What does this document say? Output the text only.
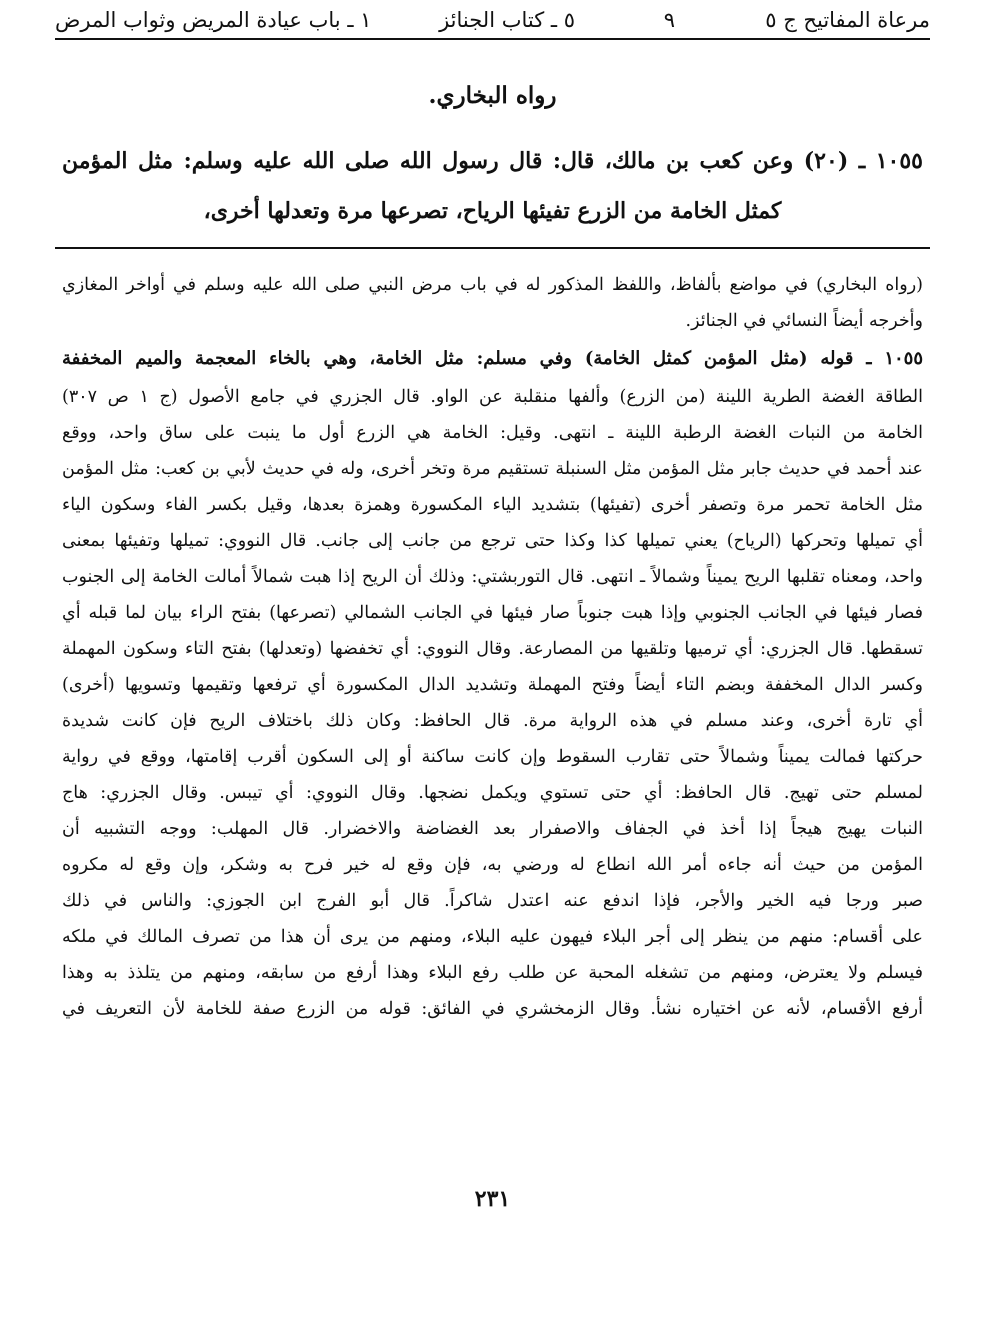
مرعاة المفاتيح ج ٥
٩
٥ ـ كتاب الجنائز
١ ـ باب عيادة المريض وثواب المرض
رواه البخاري.
١٠٥٥ ـ (٢٠) وعن كعب بن مالك، قال: قال رسول الله صلى الله عليه وسلم: مثل المؤمن
كمثل الخامة من الزرع تفيئها الرياح، تصرعها مرة وتعدلها أخرى،
(رواه البخاري) في مواضع بألفاظ، واللفظ المذكور له في باب مرض النبي صلى الله عليه وسلم في أواخر المغازي
وأخرجه أيضاً النسائي في الجنائز.
١٠٥٥ ـ قوله (مثل المؤمن كمثل الخامة) وفي مسلم: مثل الخامة، وهي بالخاء المعجمة والميم المخففة
الطاقة الغضة الطرية اللينة (من الزرع) وألفها منقلبة عن الواو. قال الجزري في جامع الأصول (ج ١ ص ٣٠٧)
الخامة من النبات الغضة الرطبة اللينة ـ انتهى. وقيل: الخامة هي الزرع أول ما ينبت على ساق واحد، ووقع
عند أحمد في حديث جابر مثل المؤمن مثل السنبلة تستقيم مرة وتخر أخرى، وله في حديث لأبي بن كعب: مثل المؤمن
مثل الخامة تحمر مرة وتصفر أخرى (تفيئها) بتشديد الياء المكسورة وهمزة بعدها، وقيل بكسر الفاء وسكون الياء
أي تميلها وتحركها (الرياح) يعني تميلها كذا وكذا حتى ترجع من جانب إلى جانب. قال النووي: تميلها وتفيئها بمعنى
واحد، ومعناه تقلبها الريح يميناً وشمالاً ـ انتهى. قال التوربشتي: وذلك أن الريح إذا هبت شمالاً أمالت الخامة إلى الجنوب
فصار فيئها في الجانب الجنوبي وإذا هبت جنوباً صار فيئها في الجانب الشمالي (تصرعها) بفتح الراء بيان لما قبله أي
تسقطها. قال الجزري: أي ترميها وتلقيها من المصارعة. وقال النووي: أي تخفضها (وتعدلها) بفتح التاء وسكون المهملة
وكسر الدال المخففة وبضم التاء أيضاً وفتح المهملة وتشديد الدال المكسورة أي ترفعها وتقيمها وتسويها (أخرى)
أي تارة أخرى، وعند مسلم في هذه الرواية مرة. قال الحافظ: وكان ذلك باختلاف الريح فإن كانت شديدة
حركتها فمالت يميناً وشمالاً حتى تقارب السقوط وإن كانت ساكنة أو إلى السكون أقرب إقامتها، ووقع في رواية
لمسلم حتى تهيج. قال الحافظ: أي حتى تستوي ويكمل نضجها. وقال النووي: أي تيبس. وقال الجزري: هاج
النبات يهيج هيجاً إذا أخذ في الجفاف والاصفرار بعد الغضاضة والاخضرار. قال المهلب: ووجه التشبيه أن
المؤمن من حيث أنه جاءه أمر الله انطاع له ورضي به، فإن وقع له خير فرح به وشكر، وإن وقع له مكروه
صبر ورجا فيه الخير والأجر، فإذا اندفع عنه اعتدل شاكراً. قال أبو الفرج ابن الجوزي: والناس في ذلك
على أقسام: منهم من ينظر إلى أجر البلاء فيهون عليه البلاء، ومنهم من يرى أن هذا من تصرف المالك في ملكه
فيسلم ولا يعترض، ومنهم من تشغله المحبة عن طلب رفع البلاء وهذا أرفع من سابقه، ومنهم من يتلذذ به وهذا
أرفع الأقسام، لأنه عن اختياره نشأ. وقال الزمخشري في الفائق: قوله من الزرع صفة للخامة لأن التعريف في
٢٣١
